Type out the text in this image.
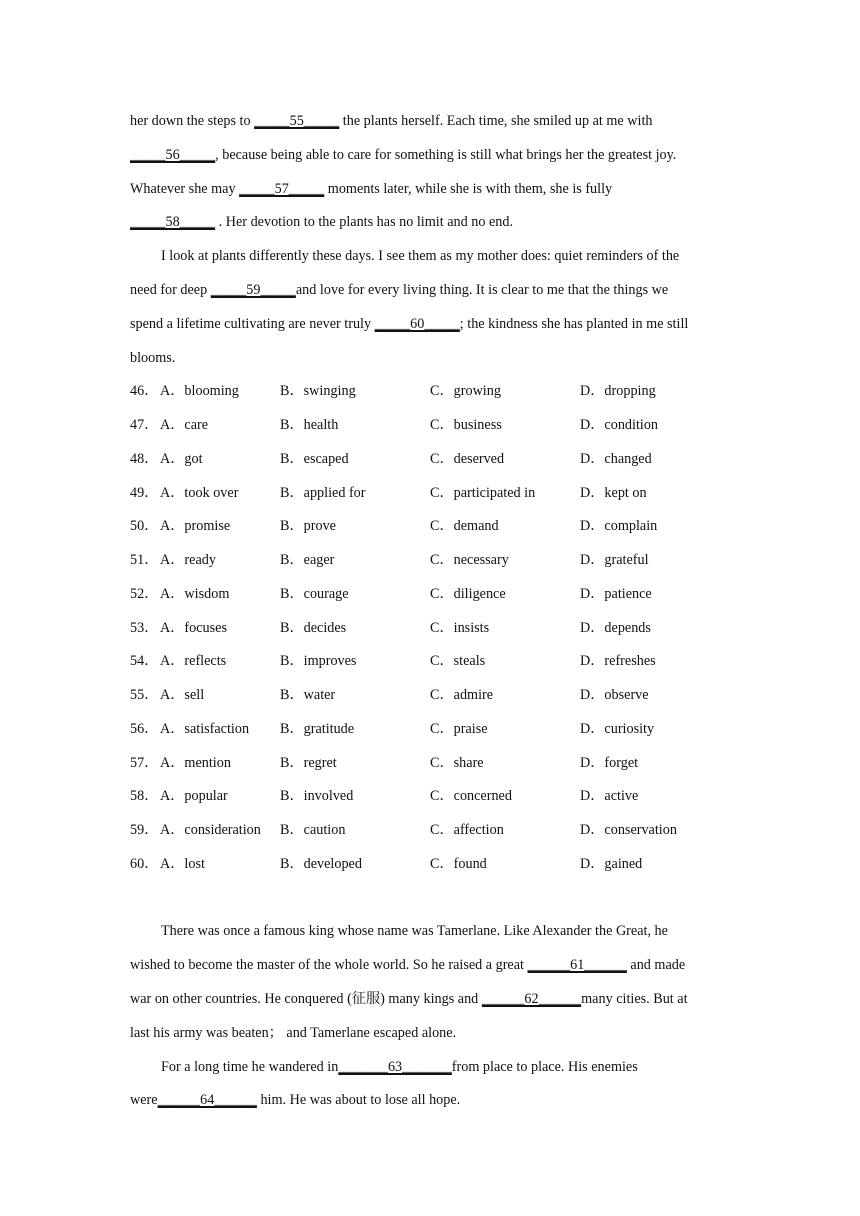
her down the steps to _____55_____ the plants herself. Each time, she smiled up at me with
_____56_____, because being able to care for something is still what brings her the greatest joy.
Whatever she may _____57_____ moments later, while she is with them, she is fully
_____58_____ . Her devotion to the plants has no limit and no end.
I look at plants differently these days. I see them as my mother does: quiet reminders of the
need for deep _____59_____and love for every living thing. It is clear to me that the things we
spend a lifetime cultivating are never truly _____60_____; the kindness she has planted in me still
blooms.
46． A．blooming	B．swinging	C．growing	D．dropping
47． A．care	B．health	C．business	D．condition
48． A．got	B．escaped	C．deserved	D．changed
49． A．took over	B．applied for	C．participated in	D．kept on
50． A．promise	B．prove	C．demand	D．complain
51． A．ready	B．eager	C．necessary	D．grateful
52． A．wisdom	B．courage	C．diligence	D．patience
53． A．focuses	B．decides	C．insists	D．depends
54． A．reflects	B．improves	C．steals	D．refreshes
55． A．sell	B．water	C．admire	D．observe
56． A．satisfaction B．gratitude	C．praise	D．curiosity
57． A．mention	B．regret	C．share	D．forget
58． A．popular	B．involved	C．concerned	D．active
59． A．consideration B．caution	C．affection	D．conservation
60． A．lost	B．developed	C．found	D．gained
There was once a famous king whose name was Tamerlane. Like Alexander the Great, he
wished to become the master of the whole world. So he raised a great ______61______ and made
war on other countries. He conquered (征服) many kings and ______62______many cities. But at
last his army was beaten； and Tamerlane escaped alone.
For a long time he wandered in_______63_______from place to place. His enemies
were______64______ him. He was about to lose all hope.
